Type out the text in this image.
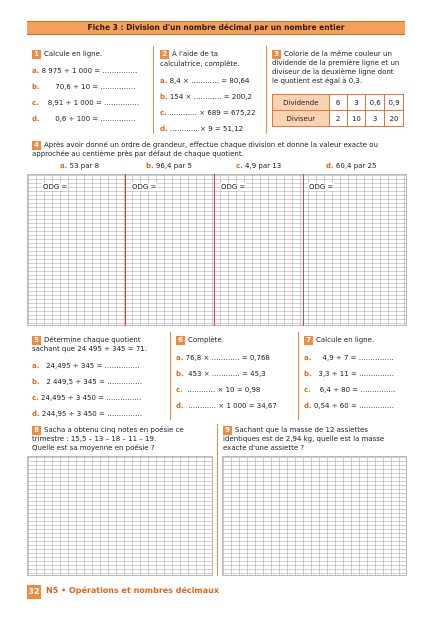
Fiche 3 : Division d'un nombre décimal par un nombre entier
1 Calcule en ligne.
a. 8 975 ÷ 1 000 = ……………
b. 70,6 ÷ 10 = ……………
c. 8,91 ÷ 1 000 = ……………
d. 0,6 ÷ 100 = ……………
2 À l'aide de ta
calculatrice, complète.
a. 8,4 × ………… = 80,64
b. 154 × ………… = 200,2
c. ………… × 689 = 675,22
d. ………… × 9 = 51,12
3 Colorie de la même couleur un
dividende de la première ligne et un
diviseur de la deuxième ligne dont
le quotient est égal à 0,3.
Dividende	6	3	0,6	0,9
Diviseur	2	10	3	20
4 Après avoir donné un ordre de grandeur, effectue chaque division et donne la valeur exacte ou
approchée au centième près par défaut de chaque quotient.
a. 53 par 8	b. 96,4 par 5	c. 4,9 par 13	d. 60,4 par 25
ODG =	ODG =	ODG =	ODG =
5 Détermine chaque quotient
sachant que 24 495 ÷ 345 = 71.
a. 24,495 ÷ 345 = ……………
b. 2 449,5 ÷ 345 = ……………
c. 24,495 ÷ 3 450 = ……………
d. 244,95 ÷ 3 450 = ……………
6 Complète.
a. 76,8 × ………… = 0,768
b. 453 × ………… = 45,3
c. ………… × 10 = 0,98
d. ………… × 1 000 = 34,67
7 Calcule en ligne.
a. 4,9 ÷ 7 = ……………
b. 3,3 ÷ 11 = ……………
c. 6,4 ÷ 80 = ……………
d. 0,54 ÷ 60 = ……………
8 Sacha a obtenu cinq notes en poésie ce
trimestre : 15,5 – 13 – 18 – 11 – 19.
Quelle est sa moyenne en poésie ?
9 Sachant que la masse de 12 assiettes
identiques est de 2,94 kg, quelle est la masse
exacte d'une assiette ?
32 N5 • Opérations et nombres décimaux
